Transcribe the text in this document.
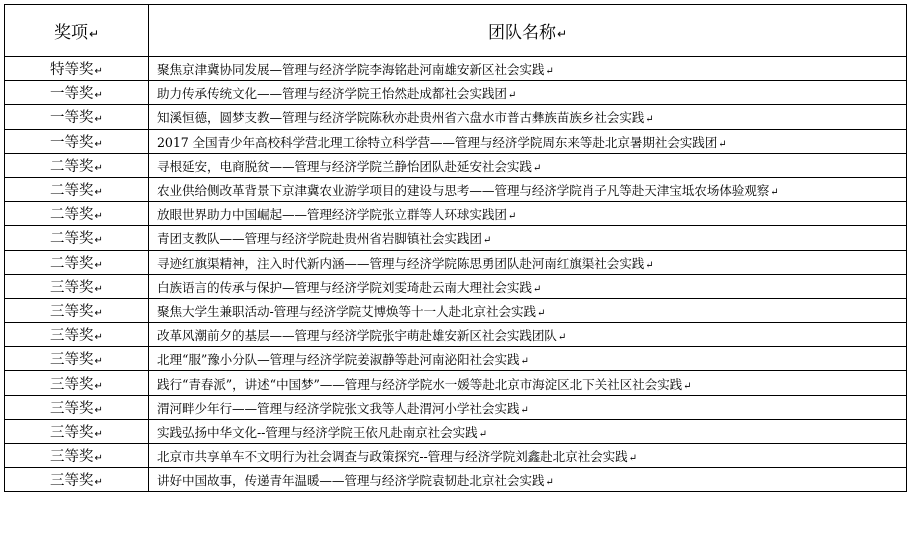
奖项↵	团队名称↵
特等奖↵	聚焦京津冀协同发展—管理与经济学院李海铭赴河南雄安新区社会实践↵
一等奖↵	助力传承传统文化——管理与经济学院王怡然赴成都社会实践团↵
一等奖↵	知溪恒德，圆梦支教—管理与经济学院陈秋亦赴贵州省六盘水市普古彝族苗族乡社会实践↵
一等奖↵	2017 全国青少年高校科学营北理工徐特立科学营——管理与经济学院周东来等赴北京暑期社会实践团↵
二等奖↵	寻根延安，电商脱贫——管理与经济学院兰静怡团队赴延安社会实践↵
二等奖↵	农业供给侧改革背景下京津冀农业游学项目的建设与思考——管理与经济学院肖子凡等赴天津宝坻农场体验观察↵
二等奖↵	放眼世界助力中国崛起——管理经济学院张立群等人环球实践团↵
二等奖↵	青团支教队——管理与经济学院赴贵州省岩脚镇社会实践团↵
二等奖↵	寻迹红旗渠精神，注入时代新内涵——管理与经济学院陈思勇团队赴河南红旗渠社会实践↵
三等奖↵	白族语言的传承与保护—管理与经济学院刘雯琦赴云南大理社会实践↵
三等奖↵	聚焦大学生兼职活动-管理与经济学院艾博焕等十一人赴北京社会实践↵
三等奖↵	改革风潮前夕的基层——管理与经济学院张宇萌赴雄安新区社会实践团队↵
三等奖↵	北理“服”豫小分队—管理与经济学院姜淑静等赴河南泌阳社会实践↵
三等奖↵	践行“青春派”，讲述“中国梦”——管理与经济学院水一媛等赴北京市海淀区北下关社区社会实践↵
三等奖↵	渭河畔少年行——管理与经济学院张文我等人赴渭河小学社会实践↵
三等奖↵	实践弘扬中华文化--管理与经济学院王依凡赴南京社会实践↵
三等奖↵	北京市共享单车不文明行为社会调查与政策探究--管理与经济学院刘鑫赴北京社会实践↵
三等奖↵	讲好中国故事，传递青年温暖——管理与经济学院袁韧赴北京社会实践↵
